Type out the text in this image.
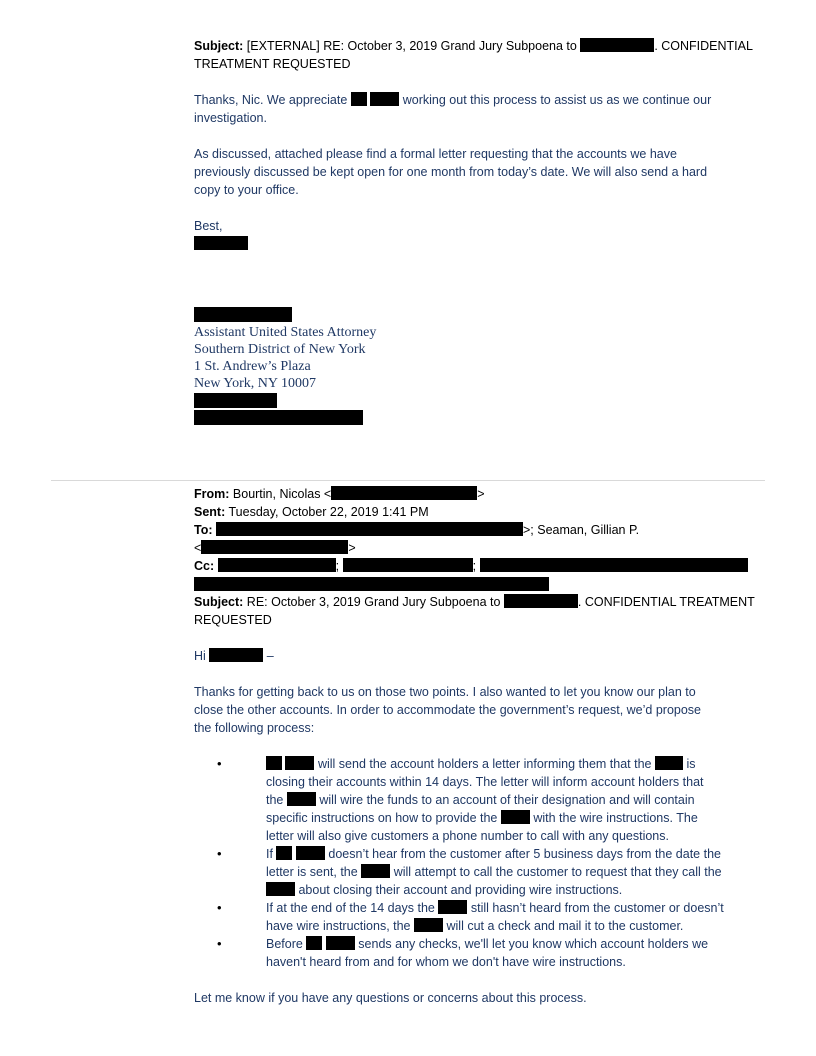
Subject: [EXTERNAL] RE: October 3, 2019 Grand Jury Subpoena to	. CONFIDENTIAL
TREATMENT REQUESTED
Thanks, Nic. We appreciate	working out this process to assist us as we continue our
investigation.
As discussed, attached please find a formal letter requesting that the accounts we have
previously discussed be kept open for one month from today’s date. We will also send a hard
copy to your office.
Best,
Assistant United States Attorney
Southern District of New York
1 St. Andrew’s Plaza
New York, NY 10007
From: Bourtin, Nicolas <	>
Sent: Tuesday, October 22, 2019 1:41 PM
To:	>; Seaman, Gillian P.
<	>
Cc:	;	;
Subject: RE: October 3, 2019 Grand Jury Subpoena to	. CONFIDENTIAL TREATMENT
REQUESTED
Hi	–
Thanks for getting back to us on those two points. I also wanted to let you know our plan to
close the other accounts. In order to accommodate the government’s request, we’d propose
the following process:
•	will send the account holders a letter informing them that the	is
closing their accounts within 14 days. The letter will inform account holders that
the	will wire the funds to an account of their designation and will contain
specific instructions on how to provide the	with the wire instructions. The
letter will also give customers a phone number to call with any questions.
•	If	doesn’t hear from the customer after 5 business days from the date the
letter is sent, the	will attempt to call the customer to request that they call the
about closing their account and providing wire instructions.
•	If at the end of the 14 days the	still hasn’t heard from the customer or doesn’t
have wire instructions, the	will cut a check and mail it to the customer.
•	Before	sends any checks, we'll let you know which account holders we
haven't heard from and for whom we don't have wire instructions.
Let me know if you have any questions or concerns about this process.
